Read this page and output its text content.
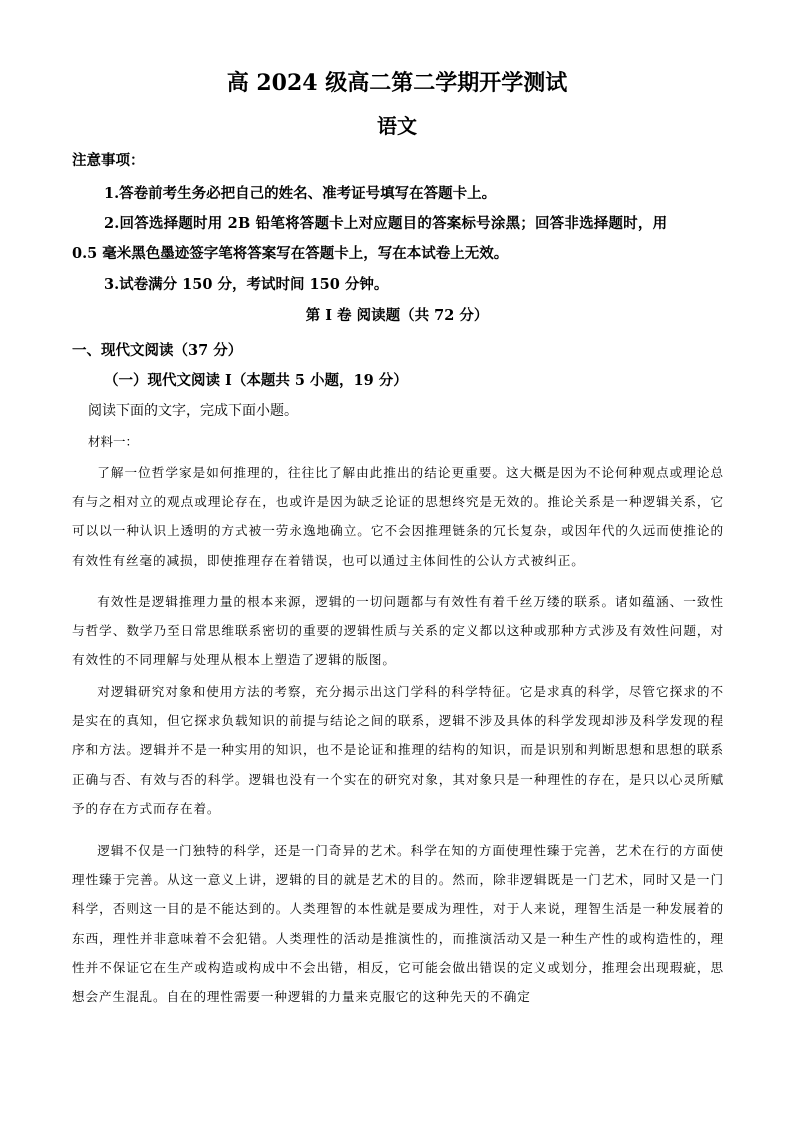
高 2024 级高二第二学期开学测试
语文
注意事项：
1.答卷前考生务必把自己的姓名、准考证号填写在答题卡上。
2.回答选择题时用 2B 铅笔将答题卡上对应题目的答案标号涂黑；回答非选择题时，用
0.5 毫米黑色墨迹签字笔将答案写在答题卡上，写在本试卷上无效。
3.试卷满分 150 分，考试时间 150 分钟。
第 I 卷 阅读题（共 72 分）
一、现代文阅读（37 分）
（一）现代文阅读 I（本题共 5 小题，19 分）
阅读下面的文字，完成下面小题。
材料一：

了解一位哲学家是如何推理的，往往比了解由此推出的结论更重要。这大概是因为不论何种观点或理论总有与之相对立的观点或理论存在，也或许是因为缺乏论证的思想终究是无效的。推论关系是一种逻辑关系，它可以以一种认识上透明的方式被一劳永逸地确立。它不会因推理链条的冗长复杂，或因年代的久远而使推论的有效性有丝毫的减损，即使推理存在着错误，也可以通过主体间性的公认方式被纠正。

有效性是逻辑推理力量的根本来源，逻辑的一切问题都与有效性有着千丝万缕的联系。诸如蕴涵、一致性与哲学、数学乃至日常思维联系密切的重要的逻辑性质与关系的定义都以这种或那种方式涉及有效性问题，对有效性的不同理解与处理从根本上塑造了逻辑的版图。

对逻辑研究对象和使用方法的考察，充分揭示出这门学科的科学特征。它是求真的科学，尽管它探求的不是实在的真知，但它探求负载知识的前提与结论之间的联系，逻辑不涉及具体的科学发现却涉及科学发现的程序和方法。逻辑并不是一种实用的知识，也不是论证和推理的结构的知识，而是识别和判断思想和思想的联系正确与否、有效与否的科学。逻辑也没有一个实在的研究对象，其对象只是一种理性的存在，是只以心灵所赋予的存在方式而存在着。

逻辑不仅是一门独特的科学，还是一门奇异的艺术。科学在知的方面使理性臻于完善，艺术在行的方面使理性臻于完善。从这一意义上讲，逻辑的目的就是艺术的目的。然而，除非逻辑既是一门艺术，同时又是一门科学，否则这一目的是不能达到的。人类理智的本性就是要成为理性，对于人来说，理智生活是一种发展着的东西，理性并非意味着不会犯错。人类理性的活动是推演性的，而推演活动又是一种生产性的或构造性的，理性并不保证它在生产或构造或构成中不会出错，相反，它可能会做出错误的定义或划分，推理会出现瑕疵，思想会产生混乱。自在的理性需要一种逻辑的力量来克服它的这种先天的不确定
